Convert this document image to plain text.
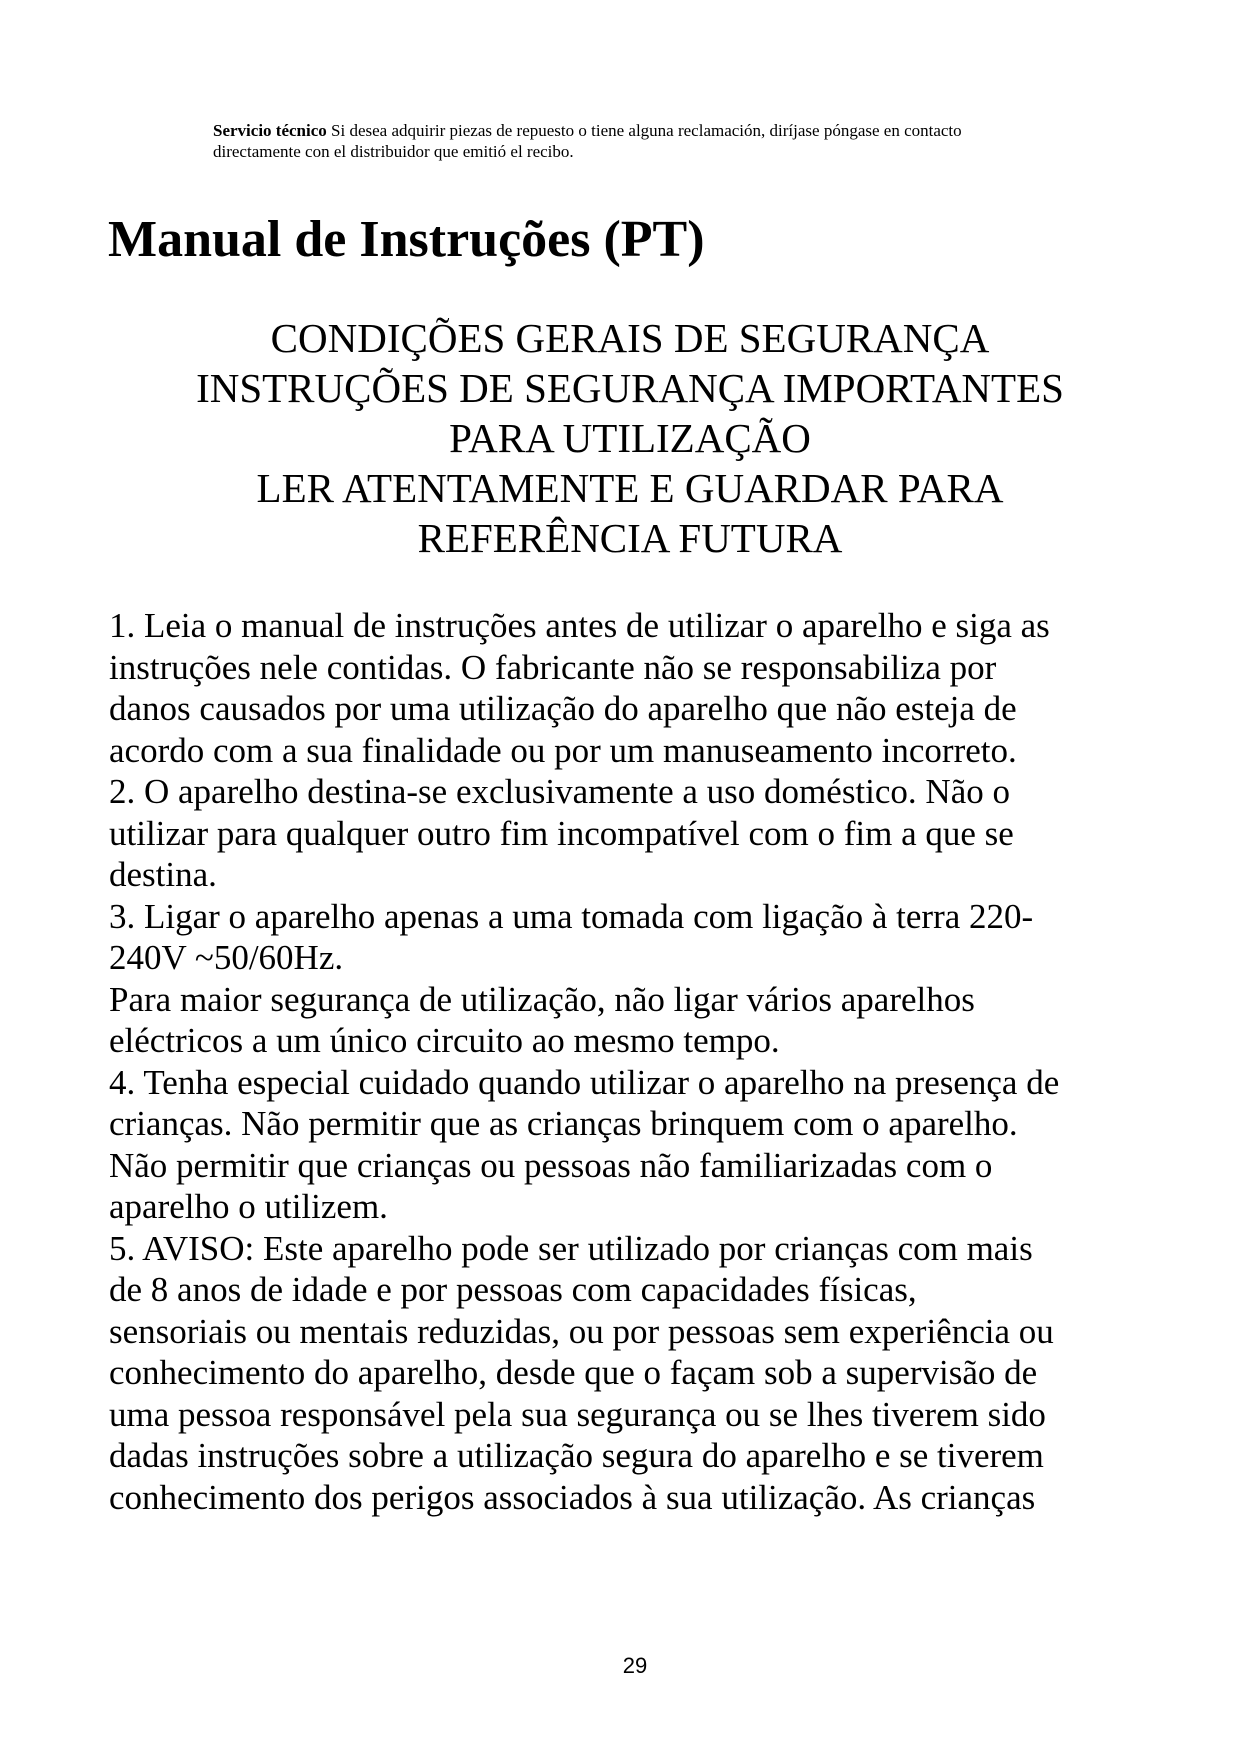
Servicio técnico Si desea adquirir piezas de repuesto o tiene alguna reclamación, diríjase póngase en contacto
directamente con el distribuidor que emitió el recibo.
Manual de Instruções (PT)
CONDIÇÕES GERAIS DE SEGURANÇA
INSTRUÇÕES DE SEGURANÇA IMPORTANTES
PARA UTILIZAÇÃO
LER ATENTAMENTE E GUARDAR PARA
REFERÊNCIA FUTURA
1. Leia o manual de instruções antes de utilizar o aparelho e siga as
instruções nele contidas. O fabricante não se responsabiliza por
danos causados por uma utilização do aparelho que não esteja de
acordo com a sua finalidade ou por um manuseamento incorreto.
2. O aparelho destina-se exclusivamente a uso doméstico. Não o
utilizar para qualquer outro fim incompatível com o fim a que se
destina.
3. Ligar o aparelho apenas a uma tomada com ligação à terra 220-
240V ~50/60Hz.
Para maior segurança de utilização, não ligar vários aparelhos
eléctricos a um único circuito ao mesmo tempo.
4. Tenha especial cuidado quando utilizar o aparelho na presença de
crianças. Não permitir que as crianças brinquem com o aparelho.
Não permitir que crianças ou pessoas não familiarizadas com o
aparelho o utilizem.
5. AVISO: Este aparelho pode ser utilizado por crianças com mais
de 8 anos de idade e por pessoas com capacidades físicas,
sensoriais ou mentais reduzidas, ou por pessoas sem experiência ou
conhecimento do aparelho, desde que o façam sob a supervisão de
uma pessoa responsável pela sua segurança ou se lhes tiverem sido
dadas instruções sobre a utilização segura do aparelho e se tiverem
conhecimento dos perigos associados à sua utilização. As crianças
29
